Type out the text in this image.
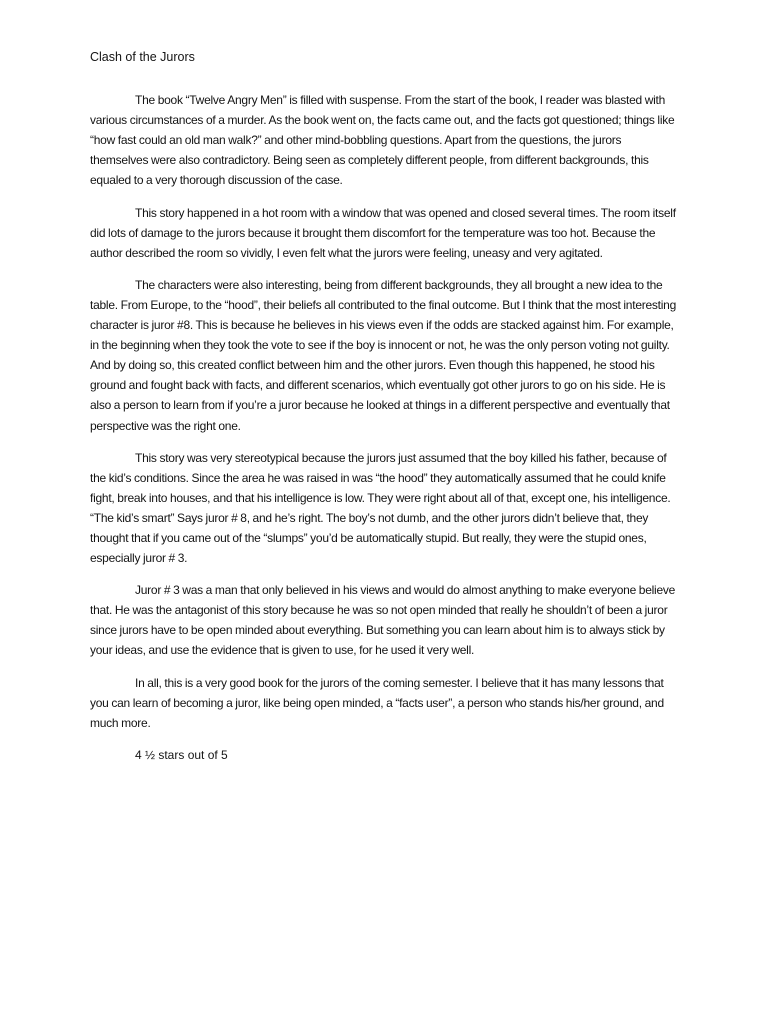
Clash of the Jurors

The book “Twelve Angry Men” is filled with suspense. From the start of the book, I reader was blasted with various circumstances of a murder. As the book went on, the facts came out, and the facts got questioned; things like “how fast could an old man walk?” and other mind-bobbling questions. Apart from the questions, the jurors themselves were also contradictory. Being seen as completely different people, from different backgrounds, this equaled to a very thorough discussion of the case.

This story happened in a hot room with a window that was opened and closed several times. The room itself did lots of damage to the jurors because it brought them discomfort for the temperature was too hot. Because the author described the room so vividly, I even felt what the jurors were feeling, uneasy and very agitated.

The characters were also interesting, being from different backgrounds, they all brought a new idea to the table. From Europe, to the “hood”, their beliefs all contributed to the final outcome. But I think that the most interesting character is juror #8. This is because he believes in his views even if the odds are stacked against him. For example, in the beginning when they took the vote to see if the boy is innocent or not, he was the only person voting not guilty. And by doing so, this created conflict between him and the other jurors. Even though this happened, he stood his ground and fought back with facts, and different scenarios, which eventually got other jurors to go on his side. He is also a person to learn from if you’re a juror because he looked at things in a different perspective and eventually that perspective was the right one.

This story was very stereotypical because the jurors just assumed that the boy killed his father, because of the kid’s conditions. Since the area he was raised in was “the hood” they automatically assumed that he could knife fight, break into houses, and that his intelligence is low. They were right about all of that, except one, his intelligence. “The kid’s smart” Says juror # 8, and he’s right. The boy’s not dumb, and the other jurors didn’t believe that, they thought that if you came out of the “slumps” you’d be automatically stupid. But really, they were the stupid ones, especially juror # 3.

Juror # 3 was a man that only believed in his views and would do almost anything to make everyone believe that. He was the antagonist of this story because he was so not open minded that really he shouldn’t of been a juror since jurors have to be open minded about everything. But something you can learn about him is to always stick by your ideas, and use the evidence that is given to use, for he used it very well.

In all, this is a very good book for the jurors of the coming semester. I believe that it has many lessons that you can learn of becoming a juror, like being open minded, a “facts user”, a person who stands his/her ground, and much more.

4 ½ stars out of 5
